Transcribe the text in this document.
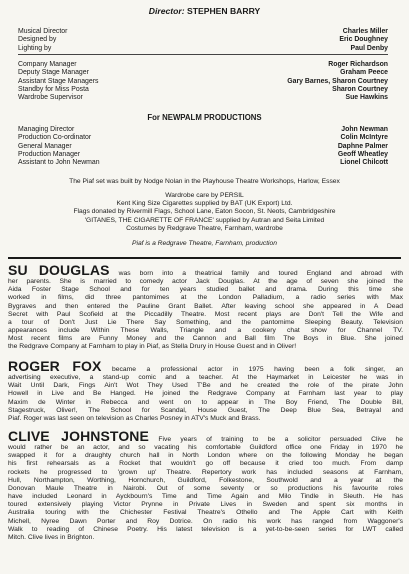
Director: STEPHEN BARRY
Musical Director	Charles Miller
Designed by	Eric Doughney
Lighting by	Paul Denby
Company Manager	Roger Richardson
Deputy Stage Manager	Graham Peece
Assistant Stage Managers	Gary Barnes, Sharon Courtney
Standby for Miss Posta	Sharon Courtney
Wardrobe Supervisor	Sue Hawkins
For NEWPALM PRODUCTIONS
Managing Director	John Newman
Production Co-ordinator	Colin McIntyre
General Manager	Daphne Palmer
Production Manager	Geoff Wheatley
Assistant to John Newman	Lionel Chilcott
The Piaf set was built by Nodge Nolan in the Playhouse Theatre Workshops, Harlow, Essex
Wardrobe care by PERSIL
Kent King Size Cigarettes supplied by BAT (UK Export) Ltd.
Flags donated by Rivermill Flags, School Lane, Eaton Socon, St. Neots, Cambridgeshire
'GITANES, THE CIGARETTE OF FRANCE' supplied by Autran and Seita Limited
Costumes by Redgrave Theatre, Farnham, wardrobe
Piaf is a Redgrave Theatre, Farnham, production
SU DOUGLAS was born into a theatrical family and toured England and abroad with
her parents. She is married to comedy actor Jack Douglas. At the age of seven she joined the
Aida Foster Stage School and for ten years studied ballet and drama. During this time she
worked in films, did three pantomimes at the London Palladium, a radio series with Max
Bygraves and then entered the Pauline Grant Ballet. After leaving school she appeared in A Dead
Secret with Paul Scofield at the Piccadilly Theatre. Most recent plays are Don't Tell the Wife and
a tour of Don't Just Lie There Say Something, and the pantomime Sleeping Beauty. Television
appearances include Within These Walls, Triangle and a cookery chat show for Channel TV.
Most recent films are Funny Money and the Cannon and Ball film The Boys in Blue. She joined
the Redgrave Company at Farnham to play in Piaf, as Stella Drury in House Guest and in Oliver!
ROGER FOX became a professional actor in 1975 having been a folk singer, an
advertising executive, a stand-up comic and a teacher. At the Haymarket in Leicester he was in
Wait Until Dark, Fings Ain't Wot They Used T'Be and he created the role of the pirate John
Howell in Live and Be Hanged. He joined the Redgrave Company at Farnham last year to play
Maxim de Winter in Rebecca and went on to appear in The Boy Friend, The Double Bill,
Stagestruck, Oliver!, The School for Scandal, House Guest, The Deep Blue Sea, Betrayal and
Piaf. Roger was last seen on television as Charles Posney in ATV's Muck and Brass.
CLIVE JOHNSTONE Five years of training to be a solicitor persuaded Clive he
would rather be an actor, and so vacating his comfortable Guildford office one Friday in 1970 he
swapped it for a draughty church hall in North London where on the following Monday he began
his first rehearsals as a Rocket that wouldn't go off because it cried too much. From damp
rockets he progressed to 'grown up' Theatre. Repertory work has included seasons at Farnham,
Hull, Northampton, Worthing, Hornchurch, Guildford, Folkestone, Southwold and a year at the
Donovan Maule Theatre in Nairobi. Out of some seventy or so productions his favourite roles
have included Leonard in Ayckbourn's Time and Time Again and Milo Tindle in Sleuth. He has
toured extensively playing Victor Prynne in Private Lives in Sweden and spent six months in
Australia touring with the Chichester Festival Theatre's Othello and The Apple Cart with Keith
Michell, Nyree Dawn Porter and Roy Dotrice. On radio his work has ranged from Waggoner's
Walk to reading of Chinese Poetry. His latest television is a yet-to-be-seen series for LWT called
Mitch. Clive lives in Brighton.
